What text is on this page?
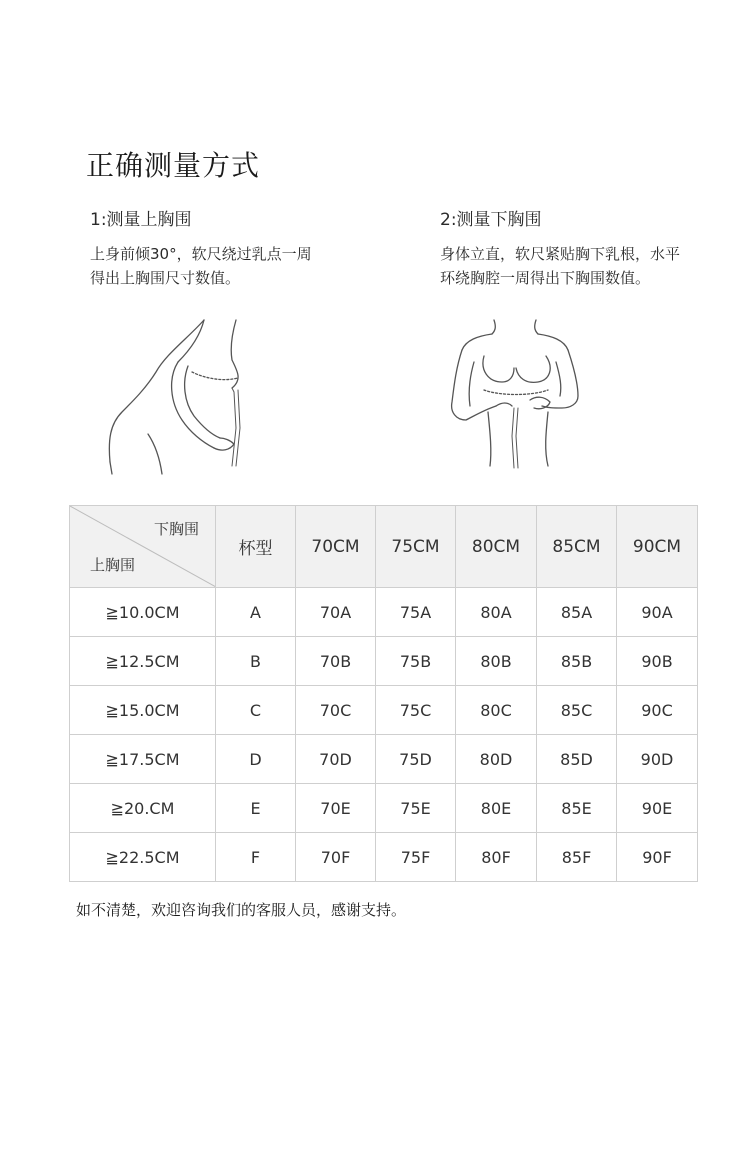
正确测量方式
1:测量上胸围
上身前倾30°，软尺绕过乳点一周
得出上胸围尺寸数值。
2:测量下胸围
身体立直，软尺紧贴胸下乳根，水平
环绕胸腔一周得出下胸围数值。
下胸围
上胸围	杯型	70CM	75CM	80CM	85CM	90CM
≧10.0CM	A	70A	75A	80A	85A	90A
≧12.5CM	B	70B	75B	80B	85B	90B
≧15.0CM	C	70C	75C	80C	85C	90C
≧17.5CM	D	70D	75D	80D	85D	90D
≧20.CM	E	70E	75E	80E	85E	90E
≧22.5CM	F	70F	75F	80F	85F	90F
如不清楚，欢迎咨询我们的客服人员，感谢支持。
